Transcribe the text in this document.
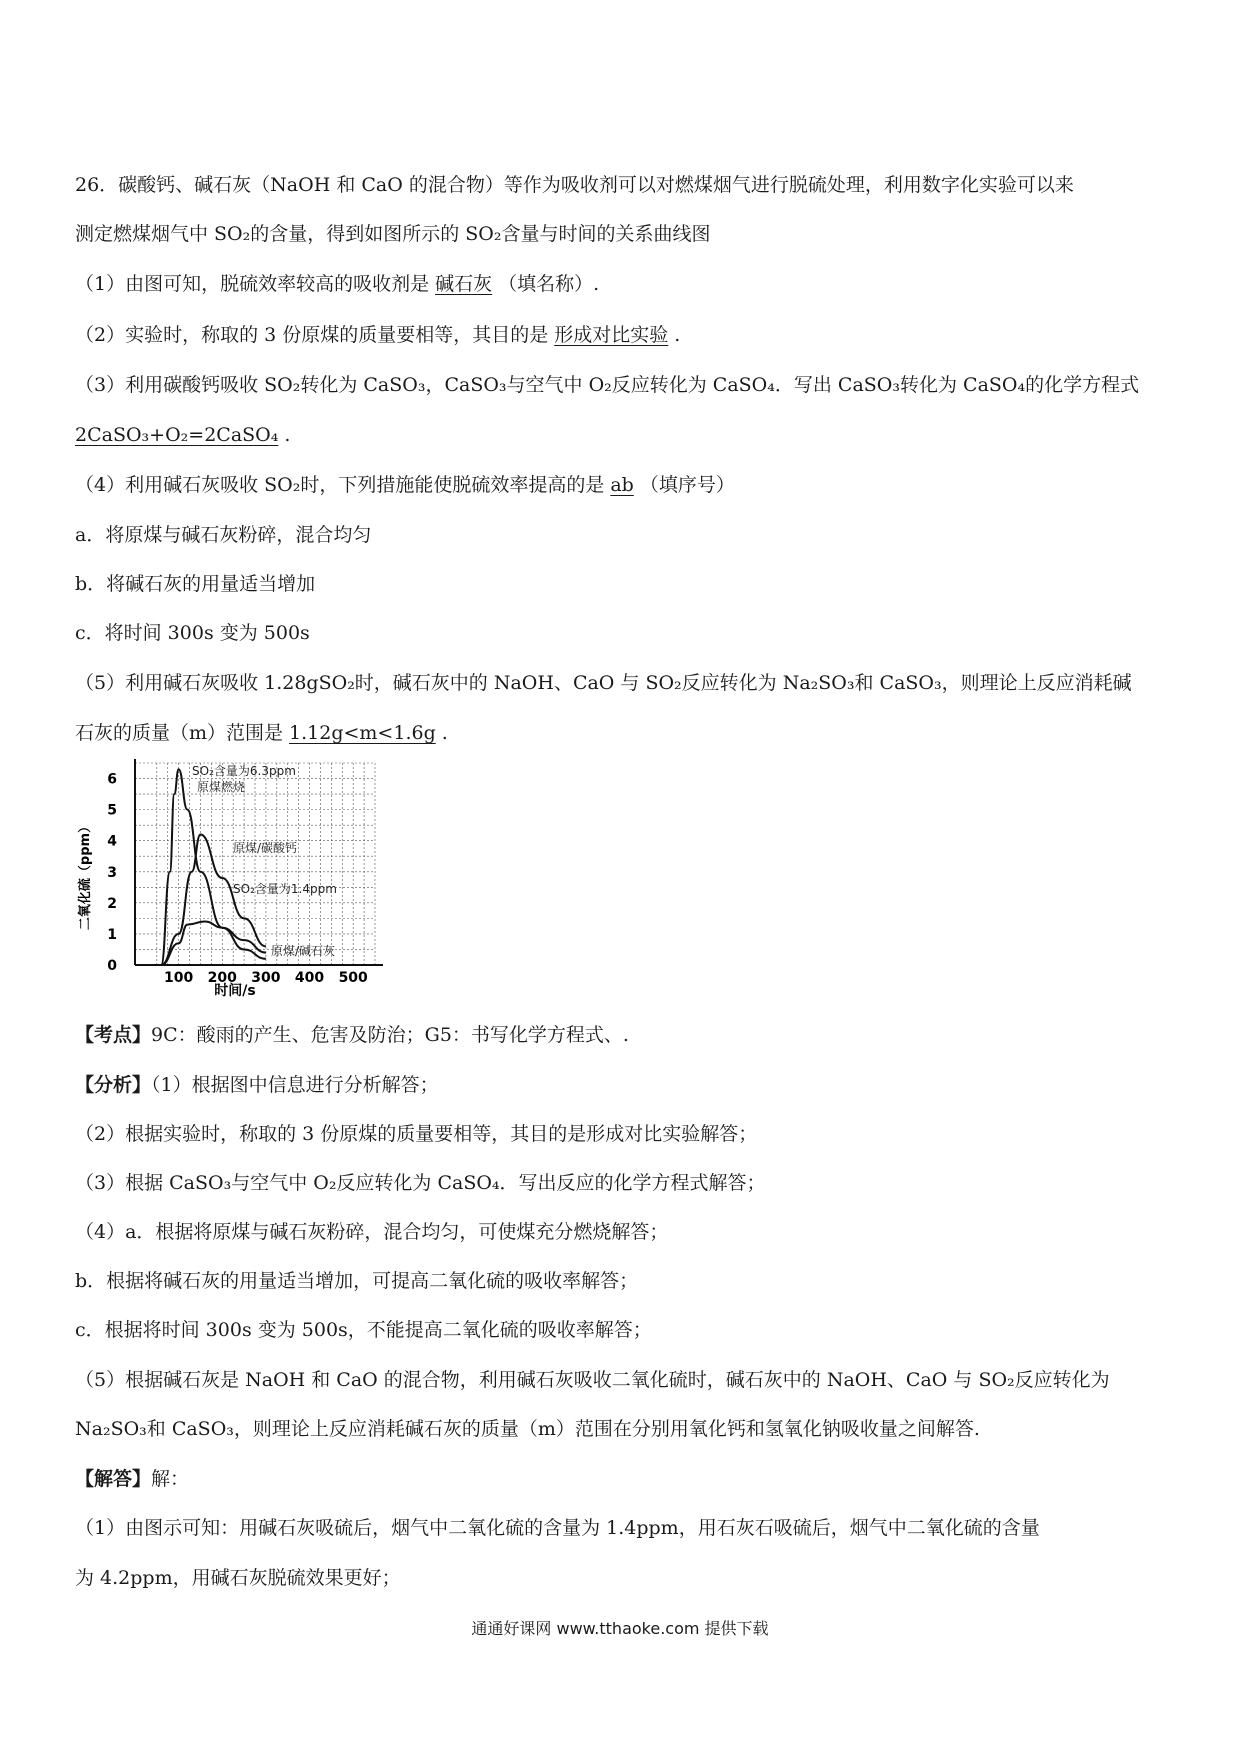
26．碳酸钙、碱石灰（NaOH 和 CaO 的混合物）等作为吸收剂可以对燃煤烟气进行脱硫处理，利用数字化实验可以来
测定燃煤烟气中 SO₂的含量，得到如图所示的 SO₂含量与时间的关系曲线图
（1）由图可知，脱硫效率较高的吸收剂是 碱石灰 （填名称）.
（2）实验时，称取的 3 份原煤的质量要相等，其目的是 形成对比实验 .
（3）利用碳酸钙吸收 SO₂转化为 CaSO₃，CaSO₃与空气中 O₂反应转化为 CaSO₄．写出 CaSO₃转化为 CaSO₄的化学方程式
2CaSO₃+O₂=2CaSO₄ .
（4）利用碱石灰吸收 SO₂时，下列措施能使脱硫效率提高的是 ab （填序号）
a．将原煤与碱石灰粉碎，混合均匀
b．将碱石灰的用量适当增加
c．将时间 300s 变为 500s
（5）利用碱石灰吸收 1.28gSO₂时，碱石灰中的 NaOH、CaO 与 SO₂反应转化为 Na₂SO₃和 CaSO₃，则理论上反应消耗碱
石灰的质量（m）范围是 1.12g<m<1.6g .
100 200 300 400 500
0
1
2
3
4
5
6
二氧化硫（ppm）
时间/s
SO₂含量为6.3ppm
原煤燃烧
原煤/碳酸钙
SO₂含量为1.4ppm
原煤/碱石灰
【考点】9C：酸雨的产生、危害及防治；G5：书写化学方程式、.
【分析】（1）根据图中信息进行分析解答；
（2）根据实验时，称取的 3 份原煤的质量要相等，其目的是形成对比实验解答；
（3）根据 CaSO₃与空气中 O₂反应转化为 CaSO₄．写出反应的化学方程式解答；
（4）a．根据将原煤与碱石灰粉碎，混合均匀，可使煤充分燃烧解答；
b．根据将碱石灰的用量适当增加，可提高二氧化硫的吸收率解答；
c．根据将时间 300s 变为 500s，不能提高二氧化硫的吸收率解答；
（5）根据碱石灰是 NaOH 和 CaO 的混合物，利用碱石灰吸收二氧化硫时，碱石灰中的 NaOH、CaO 与 SO₂反应转化为
Na₂SO₃和 CaSO₃，则理论上反应消耗碱石灰的质量（m）范围在分别用氧化钙和氢氧化钠吸收量之间解答.
【解答】解：
（1）由图示可知：用碱石灰吸硫后，烟气中二氧化硫的含量为 1.4ppm，用石灰石吸硫后，烟气中二氧化硫的含量
为 4.2ppm，用碱石灰脱硫效果更好；
通通好课网 www.tthaoke.com 提供下载
